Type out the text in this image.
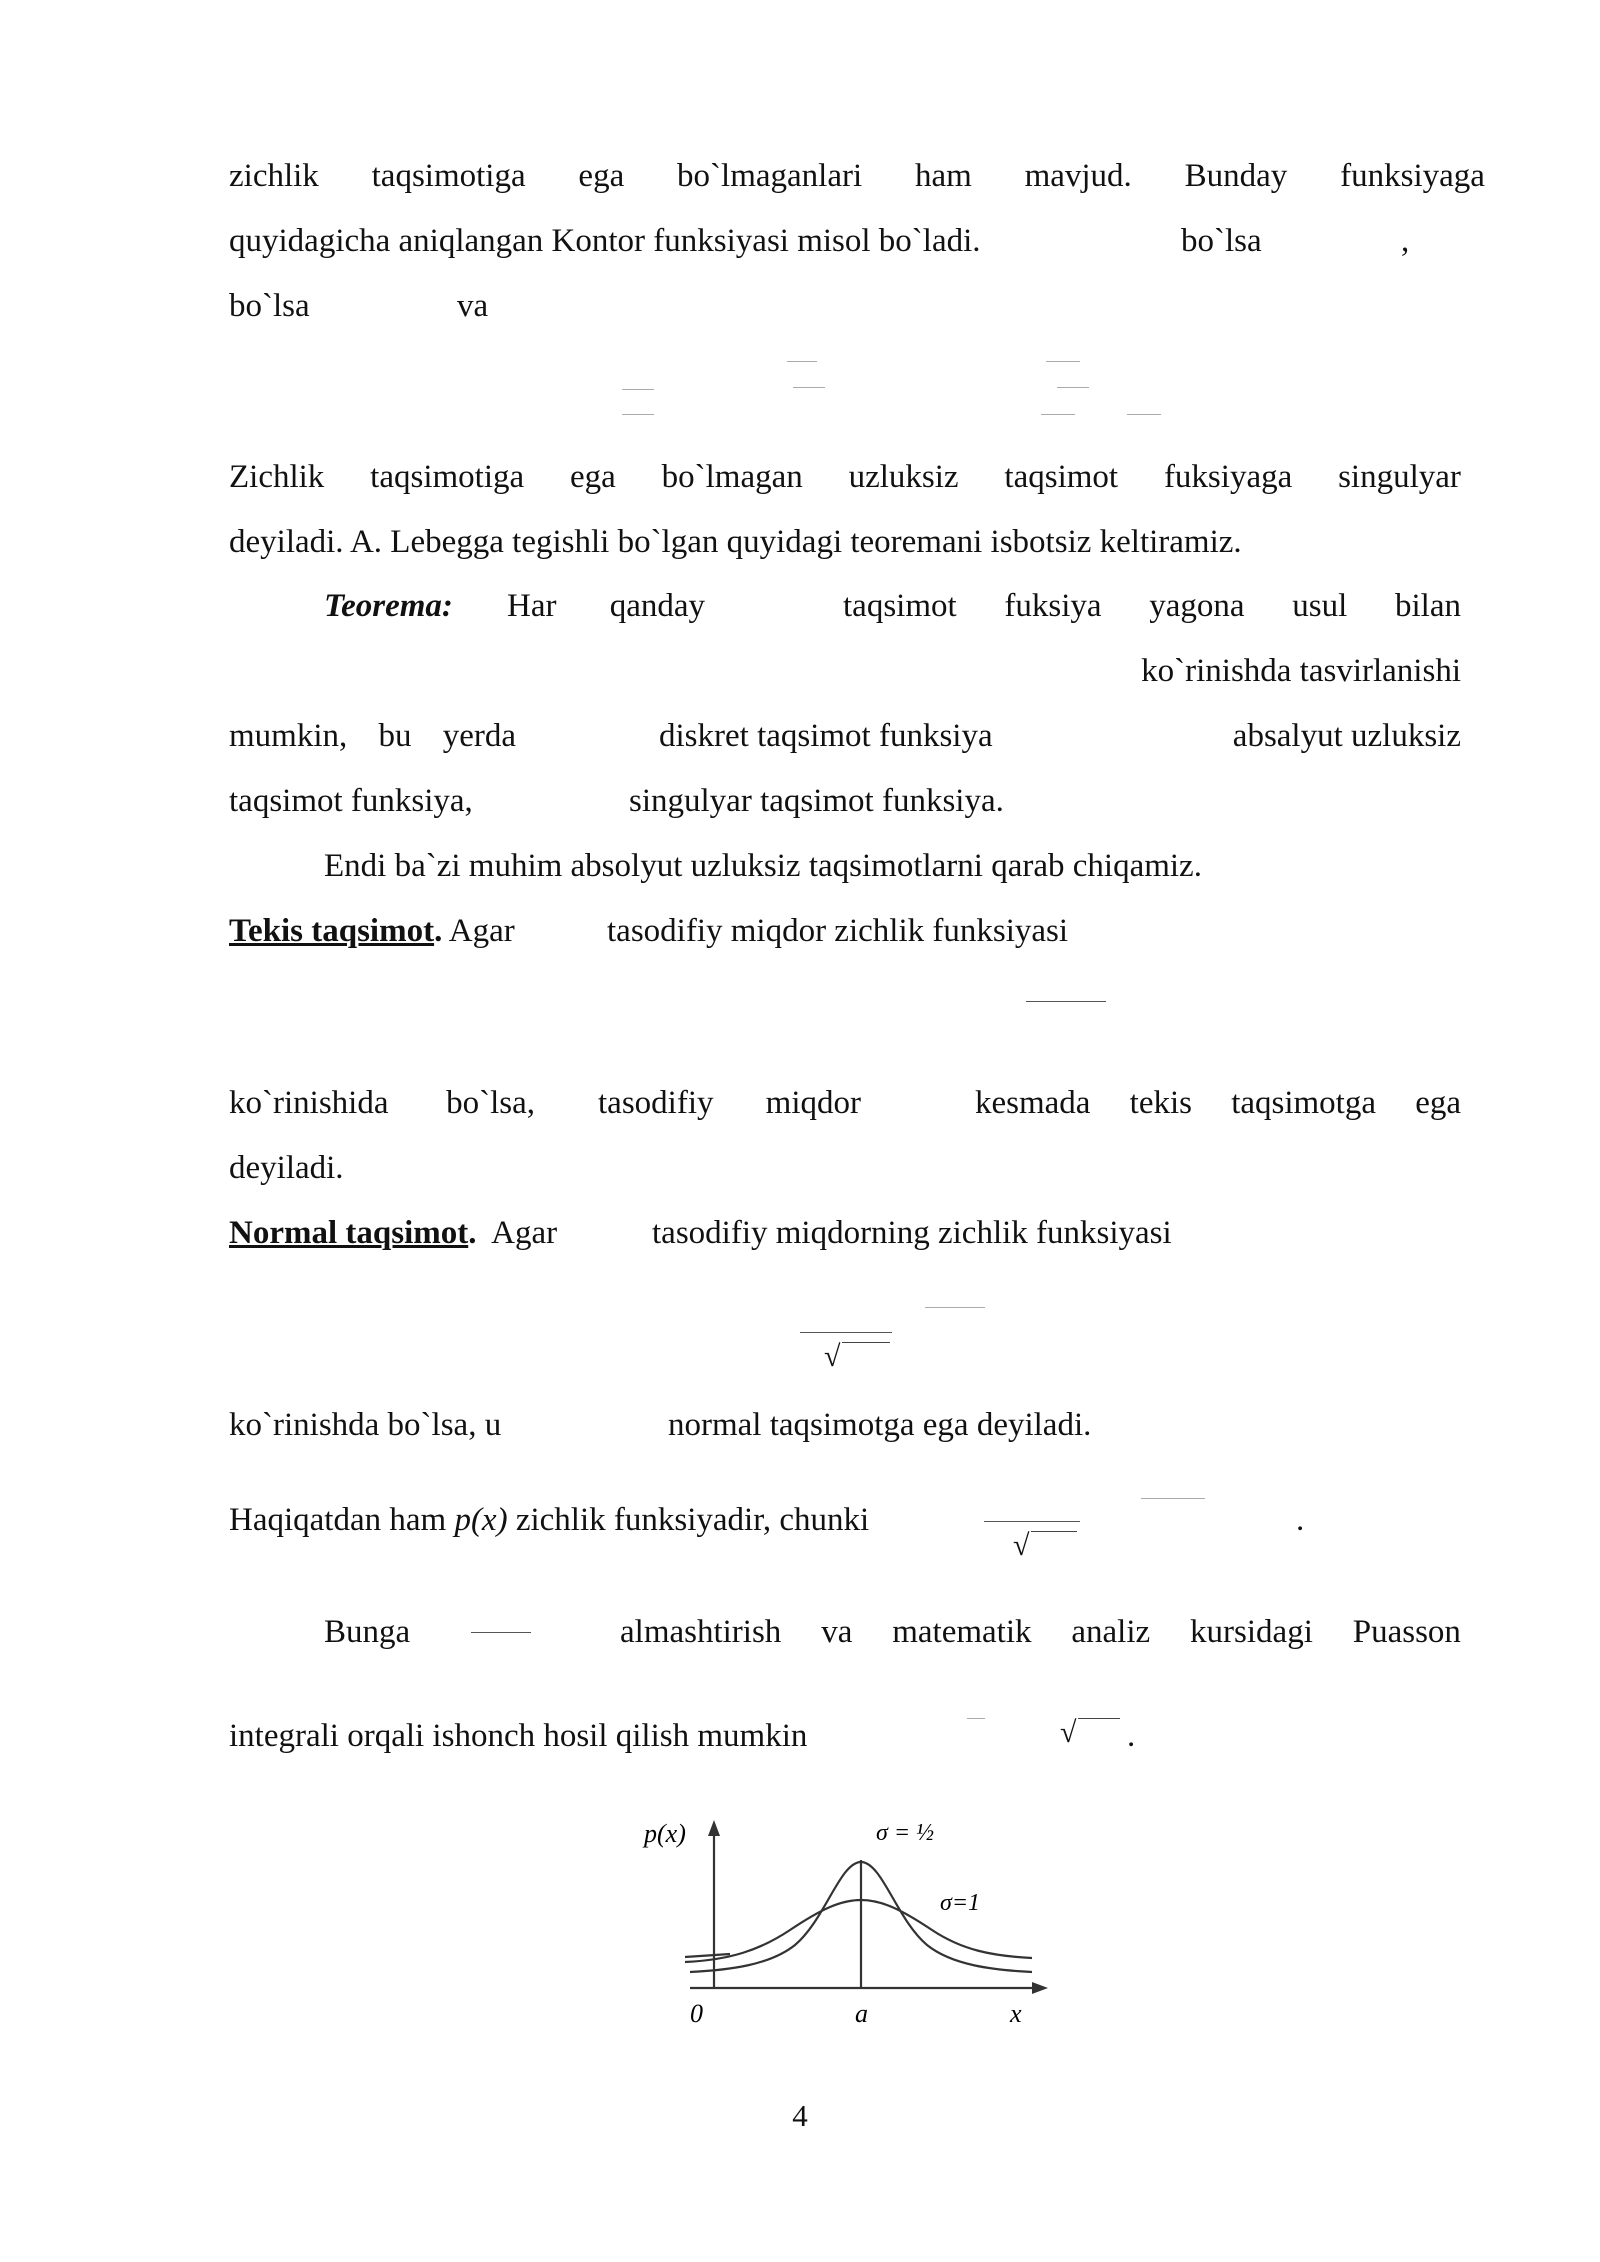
zichlik taqsimotiga ega bo`lmaganlari ham mavjud. Bunday funksiyaga
quyidagicha aniqlangan Kontor funksiyasi misol bo`ladi.	bo`lsa	,
bo`lsa	va
Zichlik taqsimotiga ega bo`lmagan uzluksiz taqsimot fuksiyaga singulyar
deyiladi. A. Lebegga tegishli bo`lgan quyidagi teoremani isbotsiz keltiramiz.
Teorema: Har qanday	taqsimot fuksiya yagona usul bilan
ko`rinishda tasvirlanishi
mumkin, bu yerda	diskret taqsimot funksiya	absalyut uzluksiz
taqsimot funksiya,	singulyar taqsimot funksiya.
Endi ba`zi muhim absolyut uzluksiz taqsimotlarni qarab chiqamiz.
Tekis taqsimot. Agar	tasodifiy miqdor zichlik funksiyasi
ko`rinishida bo`lsa, tasodifiy miqdor	kesmada tekis taqsimotga ega
deyiladi.
Normal taqsimot. Agar	tasodifiy miqdorning zichlik funksiyasi
√
ko`rinishda bo`lsa, u	normal taqsimotga ega deyiladi.
Haqiqatdan ham p(x) zichlik funksiyadir, chunki
√
.
Bunga	almashtirish va matematik analiz kursidagi Puasson
integrali orqali ishonch hosil qilish mumkin	√ .
p(x)
0	a	x
σ = ½
σ=1
4
